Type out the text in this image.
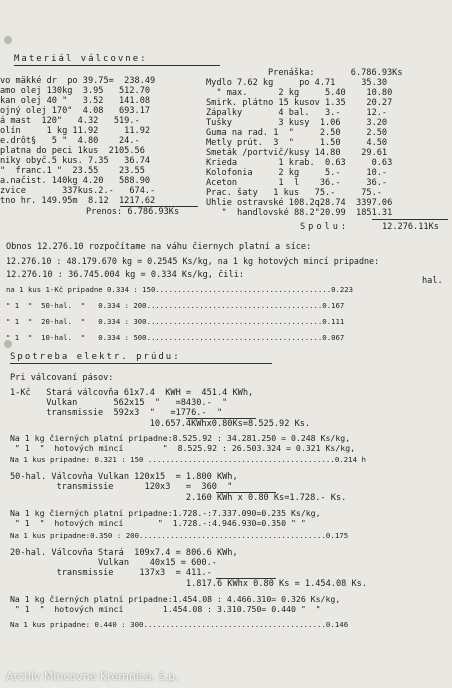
Materiál válcovne:
vo mäkké dr  po 39.75=  238.49
amo olej 130kg  3.95   512.70
kan olej 40 "   3.52   141.08
ojný olej 170"  4.08   693.17
á mast  120"   4.32   519.-
olín     1 kg 11.92     11.92
e.drôt§   5 "  4.80    24.-
platna do peci 1kus  2105.56
niky obyč.5 kus. 7.35   36.74
"  franc.1 "  23.55    23.55
a.načist. 140kg 4.20   588.90
zvice       337kus.2.-   674.-
tno hr. 149.95m  8.12  1217.62
Prenos: 6.786.93Ks
Prenáška:       6.786.93Ks
Mydlo 7.62 kg     po 4.71     35.30
" max.      2 kg     5.40    10.80
Smirk. plátno 15 kusov 1.35    20.27
Zápalky       4 bal.   3.-     12.-
Tušky         3 kusy  1.06     3.20
Guma na rad. 1  "     2.50     2.50
Metly prút.  3  "     1.50     4.50
Smeták /portvič/kusy 14.80    29.61
Krieda        1 krab.  0.63     0.63
Kolofonia     2 kg     5.-     10.-
Aceton        1  l    36.-     36.-
Prac. šaty   1 kus   75.-     75.-
Uhlie ostravské 108.2q28.74  3397.06
"  handlovské 88.2"20.99  1851.31
Spolu:	12.276.11Ks
Obnos 12.276.10 rozpočítame na váhu čiernych platní a síce:
12.276.10 : 48.179.670 kg = 0.2545 Ks/kg, na 1 kg hotových mincí pripadne:
12.276.10 : 36.745.004 kg = 0.334 Ks/kg, čili:
hal.
na 1 kus 1-Kč pripadne 0.334 : 150........................................0.223
" 1  "  50-hal.  "   0.334 : 200........................................0.167
" 1  "  20-hal.  "   0.334 : 300........................................0.111
" 1  "  10-hal.  "   0.334 : 500........................................0.067
Spotreba elektr. prúdu:
Pri válcovaní pásov:
1-Kč   Stará válcovňa 61x7.4  KWH =  451.4 KWh,
Vulkan       562x15  "   =8430.-  "
transmissie  592x3  "   =1776.-  "
10.657.4KWhx0.80Ks=8.525.92 Ks.
Na 1 kg čierných platní pripadne:8.525.92 : 34.281.250 = 0.248 Ks/kg,
" 1  "  hotových mincí        "  8.525.92 : 26.503.324 = 0.321 Ks/kg,
Na 1 kus pripadne: 0.321 : 150 ..........................................0.214 h
50-hal. Válcovňa Vulkan 120x15  = 1.800 KWh,
transmissie      120x3   =  360  "
2.160 KWh x 0.80 Ks=1.728.- Ks.
Na 1 kg čierných platní pripadne:1.728.-:7.337.090=0.235 Ks/kg,
" 1  "  hotových mincí       "  1.728.-:4.946.930=0.350 " "
Na 1 kus pripadne:0.350 : 200..........................................0.175
20-hal. Válcovňa Stará  109x7.4 = 806.6 KWh,
Vulkan    40x15 = 600.-
transmissie     137x3  = 411.-
1.817.6 KWhx 0.80 Ks = 1.454.08 Ks.
Na 1 kg čierných platní pripadne:1.454.08 : 4.466.310= 0.326 Ks/kg,
" 1  "  hotových mincí        1.454.08 : 3.310.750= 0.440 "  "
Na 1 kus pripadne: 0.440 : 300.........................................0.146
Archív Mincovne Kremnica, š.p.
